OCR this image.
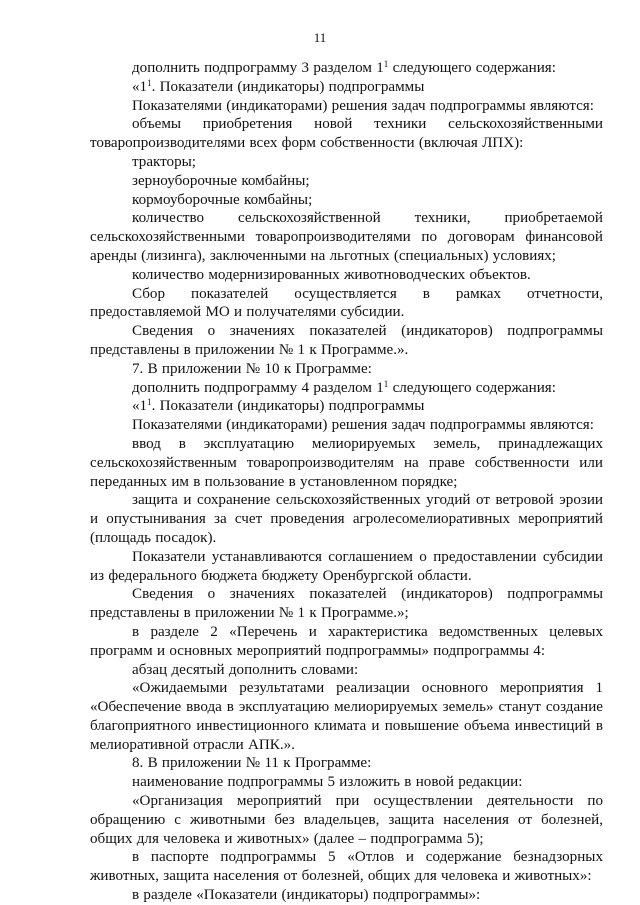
11

дополнить подпрограмму 3 разделом $1^1$ следующего содержания:

«$1^1$. Показатели (индикаторы) подпрограммы

Показателями (индикаторами) решения задач подпрограммы являются:

объемы приобретения новой техники сельскохозяйственными товаропроизводителями всех форм собственности (включая ЛПХ):

тракторы;

зерноуборочные комбайны;

кормоуборочные комбайны;

количество сельскохозяйственной техники, приобретаемой сельскохозяйственными товаропроизводителями по договорам финансовой аренды (лизинга), заключенными на льготных (специальных) условиях;

количество модернизированных животноводческих объектов.

Сбор показателей осуществляется в рамках отчетности, предоставляемой МО и получателями субсидии.

Сведения о значениях показателей (индикаторов) подпрограммы представлены в приложении № 1 к Программе.».

7. В приложении № 10 к Программе:

дополнить подпрограмму 4 разделом $1^1$ следующего содержания:

«$1^1$. Показатели (индикаторы) подпрограммы

Показателями (индикаторами) решения задач подпрограммы являются:

ввод в эксплуатацию мелиорируемых земель, принадлежащих сельскохозяйственным товаропроизводителям на праве собственности или переданных им в пользование в установленном порядке;

защита и сохранение сельскохозяйственных угодий от ветровой эрозии и опустынивания за счет проведения агролесомелиоративных мероприятий (площадь посадок).

Показатели устанавливаются соглашением о предоставлении субсидии из федерального бюджета бюджету Оренбургской области.

Сведения о значениях показателей (индикаторов) подпрограммы представлены в приложении № 1 к Программе.»;

в разделе 2 «Перечень и характеристика ведомственных целевых программ и основных мероприятий подпрограммы» подпрограммы 4:

абзац десятый дополнить словами:

«Ожидаемыми результатами реализации основного мероприятия 1 «Обеспечение ввода в эксплуатацию мелиорируемых земель» станут создание благоприятного инвестиционного климата и повышение объема инвестиций в мелиоративной отрасли АПК.».

8. В приложении № 11 к Программе:

наименование подпрограммы 5 изложить в новой редакции:

«Организация мероприятий при осуществлении деятельности по обращению с животными без владельцев, защита населения от болезней, общих для человека и животных» (далее – подпрограмма 5);

в паспорте подпрограммы 5 «Отлов и содержание безнадзорных животных, защита населения от болезней, общих для человека и животных»:

в разделе «Показатели (индикаторы) подпрограммы»:
